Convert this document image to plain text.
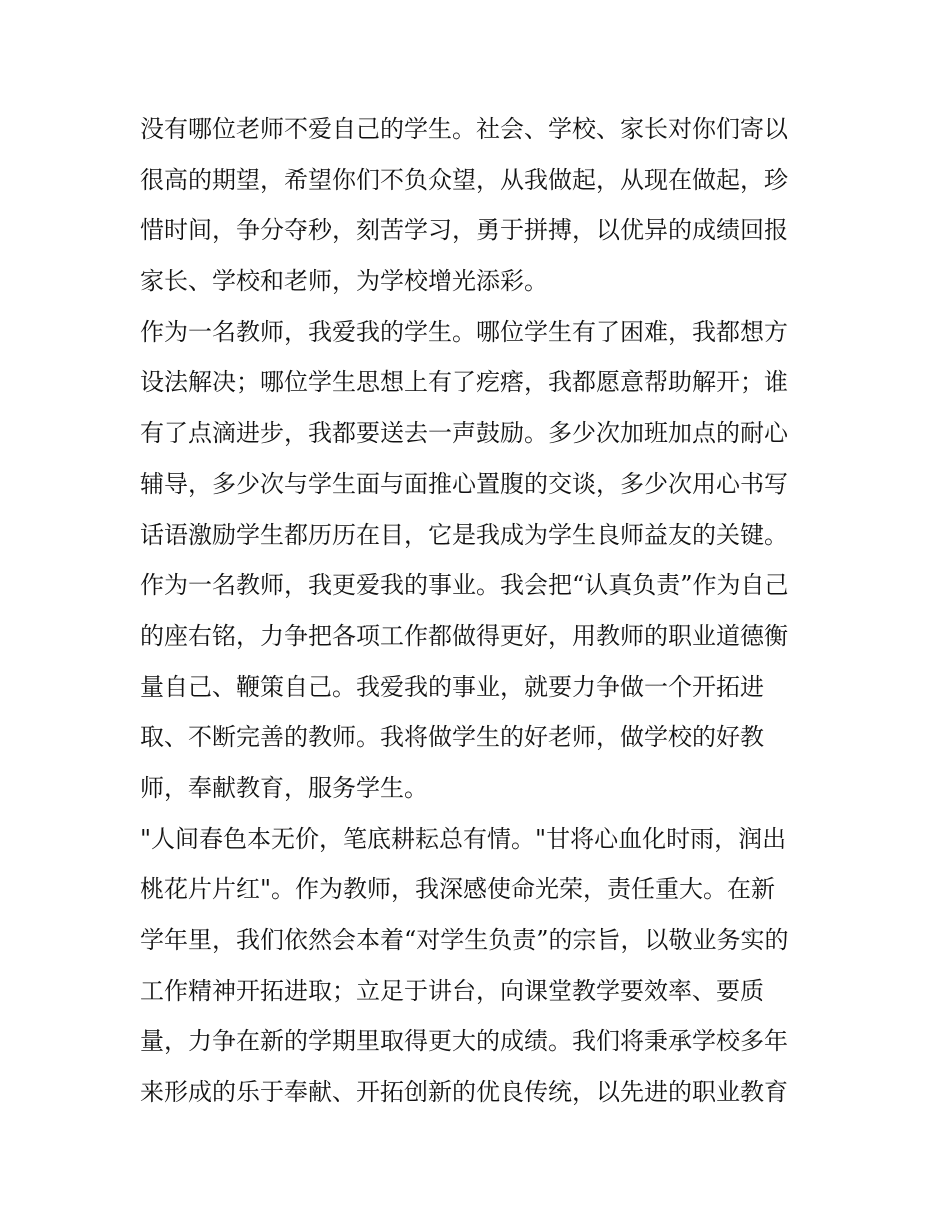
没有哪位老师不爱自己的学生。社会、学校、家长对你们寄以
很高的期望，希望你们不负众望，从我做起，从现在做起，珍
惜时间，争分夺秒，刻苦学习，勇于拼搏，以优异的成绩回报
家长、学校和老师，为学校增光添彩。
作为一名教师，我爱我的学生。哪位学生有了困难，我都想方
设法解决；哪位学生思想上有了疙瘩，我都愿意帮助解开；谁
有了点滴进步，我都要送去一声鼓励。多少次加班加点的耐心
辅导，多少次与学生面与面推心置腹的交谈，多少次用心书写
话语激励学生都历历在目，它是我成为学生良师益友的关键。
作为一名教师，我更爱我的事业。我会把“认真负责”作为自己
的座右铭，力争把各项工作都做得更好，用教师的职业道德衡
量自己、鞭策自己。我爱我的事业，就要力争做一个开拓进
取、不断完善的教师。我将做学生的好老师，做学校的好教
师，奉献教育，服务学生。
"人间春色本无价，笔底耕耘总有情。"甘将心血化时雨，润出
桃花片片红"。作为教师，我深感使命光荣，责任重大。在新
学年里，我们依然会本着“对学生负责”的宗旨，以敬业务实的
工作精神开拓进取；立足于讲台，向课堂教学要效率、要质
量，力争在新的学期里取得更大的成绩。我们将秉承学校多年
来形成的乐于奉献、开拓创新的优良传统，以先进的职业教育
